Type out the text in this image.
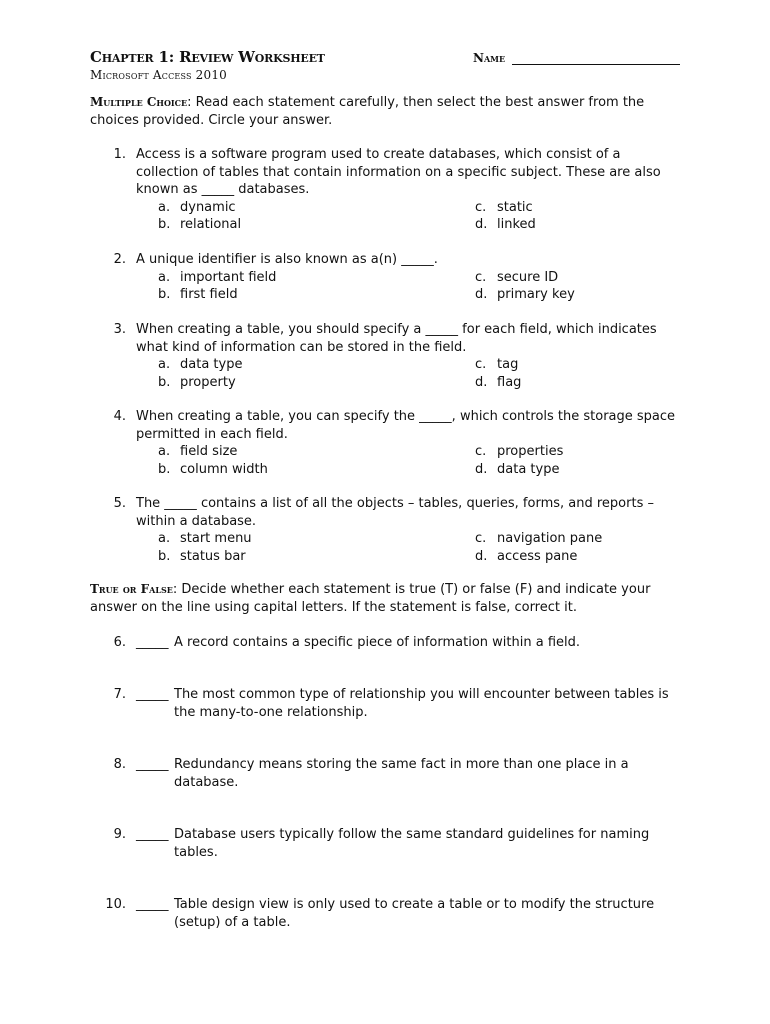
Chapter 1: Review Worksheet	Name
Microsoft Access 2010
Multiple Choice: Read each statement carefully, then select the best answer from the choices provided. Circle your answer.
1. Access is a software program used to create databases, which consist of a collection of tables that contain information on a specific subject. These are also known as _____ databases.
a. dynamic
b. relational
c. static
d. linked
2. A unique identifier is also known as a(n) _____.
a. important field
b. first field
c. secure ID
d. primary key
3. When creating a table, you should specify a _____ for each field, which indicates what kind of information can be stored in the field.
a. data type
b. property
c. tag
d. flag
4. When creating a table, you can specify the _____, which controls the storage space permitted in each field.
a. field size
b. column width
c. properties
d. data type
5. The _____ contains a list of all the objects – tables, queries, forms, and reports – within a database.
a. start menu
b. status bar
c. navigation pane
d. access pane
True or False: Decide whether each statement is true (T) or false (F) and indicate your answer on the line using capital letters. If the statement is false, correct it.
6. _____ A record contains a specific piece of information within a field.
7. _____ The most common type of relationship you will encounter between tables is the many-to-one relationship.
8. _____ Redundancy means storing the same fact in more than one place in a database.
9. _____ Database users typically follow the same standard guidelines for naming tables.
10. _____ Table design view is only used to create a table or to modify the structure (setup) of a table.
